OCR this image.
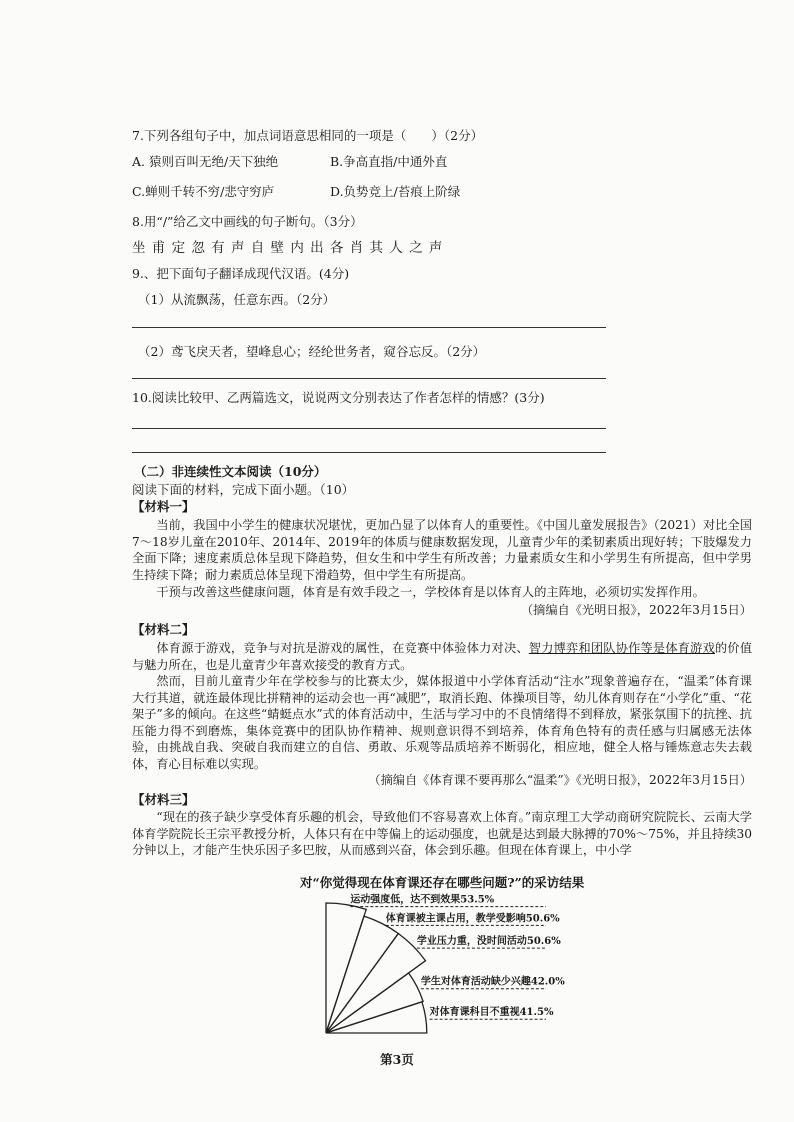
7.下列各组句子中，加点词语意思相同的一项是（　　）（2分）
A. 猿则百叫无绝/天下独绝	B.争高直指/中通外直
C.蝉则千转不穷/悲守穷庐	D.负势竞上/苔痕上阶绿
8.用“/”给乙文中画线的句子断句。（3分）
坐 甫 定 忽 有 声 自 壁 内 出 各 肖 其 人 之 声
9.、把下面句子翻译成现代汉语。(4分)
（1）从流飘荡，任意东西。（2分）
（2）鸢飞戾天者，望峰息心；经纶世务者，窥谷忘反。（2分）
10.阅读比较甲、乙两篇选文，说说两文分别表达了作者怎样的情感？(3分)
（二）非连续性文本阅读（10分）
阅读下面的材料，完成下面小题。（10）
【材料一】
当前，我国中小学生的健康状况堪忧，更加凸显了以体育人的重要性。《中国儿童发展报告》（2021）对比全国7～18岁儿童在2010年、2014年、2019年的体质与健康数据发现，儿童青少年的柔韧素质出现好转；下肢爆发力全面下降；速度素质总体呈现下降趋势，但女生和中学生有所改善；力量素质女生和小学男生有所提高，但中学男生持续下降；耐力素质总体呈现下滑趋势，但中学生有所提高。
干预与改善这些健康问题，体育是有效手段之一，学校体育是以体育人的主阵地，必须切实发挥作用。
（摘编自《光明日报》，2022年3月15日）
【材料二】
体育源于游戏，竞争与对抗是游戏的属性，在竞赛中体验体力对决、智力博弈和团队协作等是体育游戏的价值与魅力所在，也是儿童青少年喜欢接受的教育方式。
然而，目前儿童青少年在学校参与的比赛太少，媒体报道中小学体育活动“注水”现象普遍存在，“温柔”体育课大行其道，就连最体现比拼精神的运动会也一再“减肥”，取消长跑、体操项目等，幼儿体育则存在“小学化”重、“花架子”多的倾向。在这些“蜻蜓点水”式的体育活动中，生活与学习中的不良情绪得不到释放，紧张氛围下的抗挫、抗压能力得不到磨炼，集体竞赛中的团队协作精神、规则意识得不到培养，体育角色特有的责任感与归属感无法体验，由挑战自我、突破自我而建立的自信、勇敢、乐观等品质培养不断弱化，相应地，健全人格与锤炼意志失去载体，育心目标难以实现。
（摘编自《体育课不要再那么“温柔”》《光明日报》，2022年3月15日）
【材料三】
“现在的孩子缺少享受体育乐趣的机会，导致他们不容易喜欢上体育。”南京理工大学动商研究院院长、云南大学体育学院院长王宗平教授分析，人体只有在中等偏上的运动强度，也就是达到最大脉搏的70%～75%，并且持续30分钟以上，才能产生快乐因子多巴胺，从而感到兴奋，体会到乐趣。但现在体育课上，中小学
对“你觉得现在体育课还存在哪些问题?”的采访结果
运动强度低，达不到效果53.5%
体育课被主课占用，教学受影响50.6%
学业压力重，没时间活动50.6%
学生对体育活动缺少兴趣42.0%
对体育课科目不重视41.5%
第3页
